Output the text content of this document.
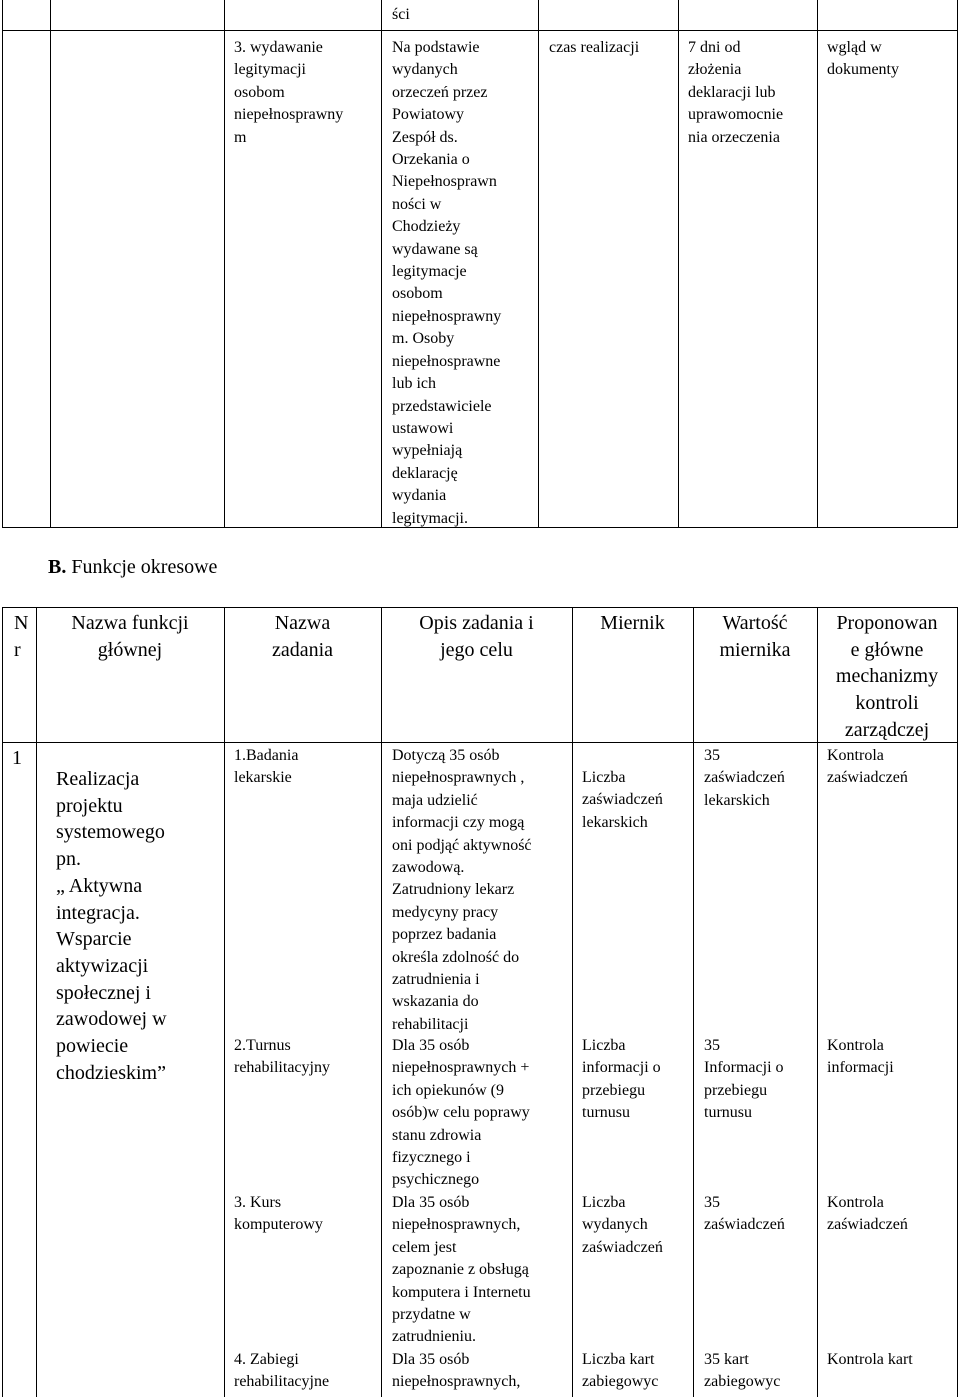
ści
3. wydawanie
legitymacji
osobom
niepełnosprawny
m
Na podstawie
wydanych
orzeczeń przez
Powiatowy
Zespół ds.
Orzekania o
Niepełnosprawn
ności w
Chodzieży
wydawane są
legitymacje
osobom
niepełnosprawny
m. Osoby
niepełnosprawne
lub ich
przedstawiciele
ustawowi
wypełniają
deklarację
wydania
legitymacji.
czas realizacji	7 dni od
złożenia
deklaracji lub
uprawomocnie
nia orzeczenia
wgląd w
dokumenty
B. Funkcje okresowe
N
r
Nazwa funkcji
głównej
Nazwa
zadania
Opis zadania i
jego celu
Miernik	Wartość
miernika
Proponowan
e główne
mechanizmy
kontroli
zarządczej
1
Realizacja
projektu
systemowego
pn.
„ Aktywna
integracja.
Wsparcie
aktywizacji
społecznej i
zawodowej w
powiecie
chodzieskim”
1.Badania
lekarskie
Dotyczą 35 osób
niepełnosprawnych ,
maja udzielić
informacji czy mogą
oni podjąć aktywność
zawodową.
Zatrudniony lekarz
medycyny pracy
poprzez badania
określa zdolność do
zatrudnienia i
wskazania do
rehabilitacji
Liczba
zaświadczeń
lekarskich
35
zaświadczeń
lekarskich
Kontrola
zaświadczeń
2.Turnus
rehabilitacyjny
Dla 35 osób
niepełnosprawnych +
ich opiekunów (9
osób)w celu poprawy
stanu zdrowia
fizycznego i
psychicznego
Liczba
informacji o
przebiegu
turnusu
35
Informacji o
przebiegu
turnusu
Kontrola
informacji
3. Kurs
komputerowy
Dla 35 osób
niepełnosprawnych,
celem jest
zapoznanie z obsługą
komputera i Internetu
przydatne w
zatrudnieniu.
Liczba
wydanych
zaświadczeń
35
zaświadczeń
Kontrola
zaświadczeń
4. Zabiegi
rehabilitacyjne
Dla 35 osób
niepełnosprawnych,
Liczba kart
zabiegowyc
35 kart
zabiegowyc
Kontrola kart
